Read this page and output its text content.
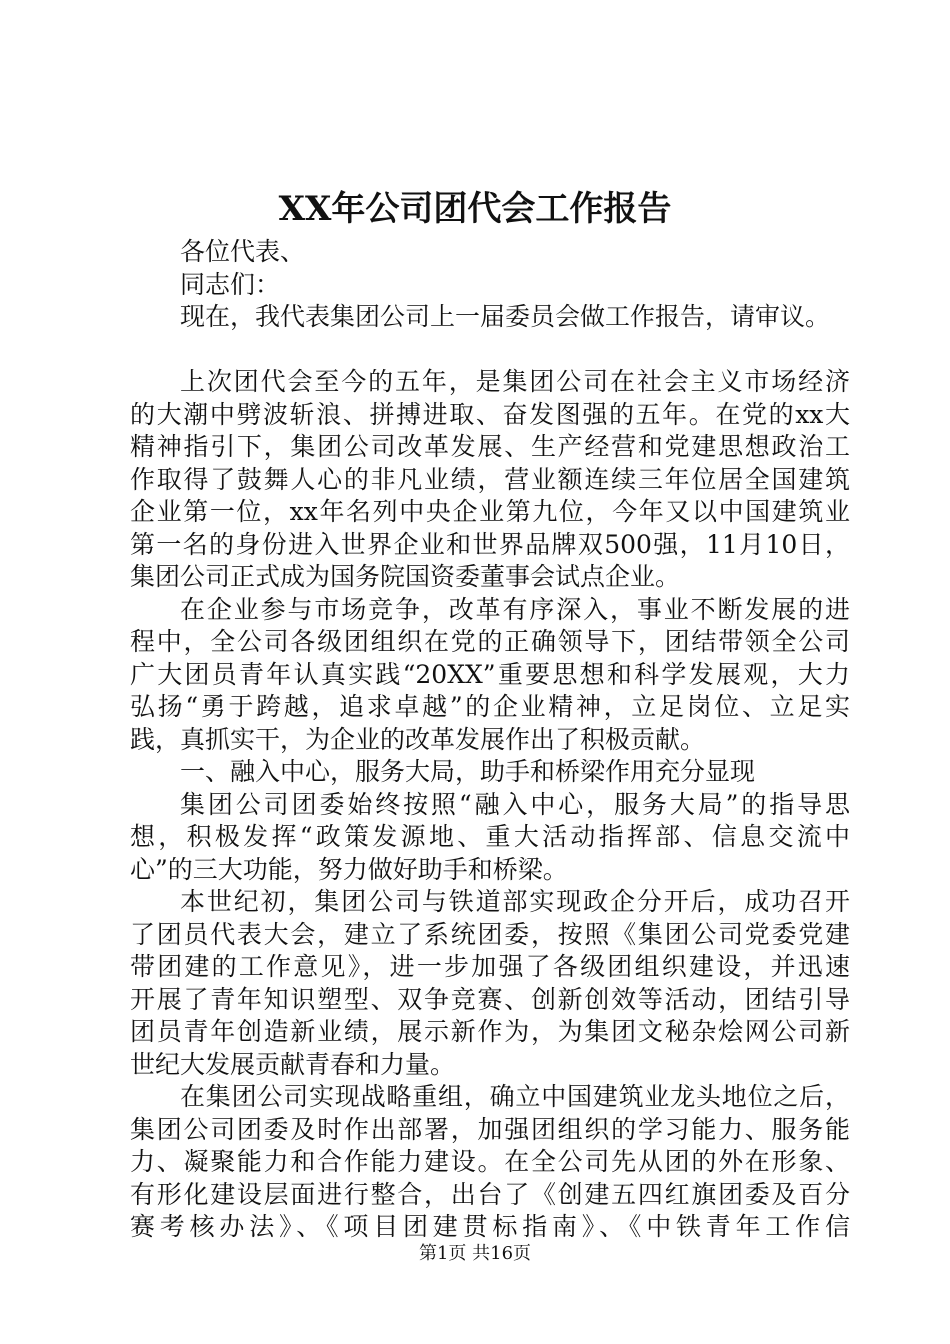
XX年公司团代会工作报告
各位代表、
同志们：
现在，我代表集团公司上一届委员会做工作报告，请审议。
上次团代会至今的五年，是集团公司在社会主义市场经济
的大潮中劈波斩浪、拼搏进取、奋发图强的五年。在党的xx大
精神指引下，集团公司改革发展、生产经营和党建思想政治工
作取得了鼓舞人心的非凡业绩，营业额连续三年位居全国建筑
企业第一位，xx年名列中央企业第九位，今年又以中国建筑业
第一名的身份进入世界企业和世界品牌双500强，11月10日，
集团公司正式成为国务院国资委董事会试点企业。
在企业参与市场竞争，改革有序深入，事业不断发展的进
程中，全公司各级团组织在党的正确领导下，团结带领全公司
广大团员青年认真实践“20XX”重要思想和科学发展观，大力
弘扬“勇于跨越，追求卓越”的企业精神，立足岗位、立足实
践，真抓实干，为企业的改革发展作出了积极贡献。
一、融入中心，服务大局，助手和桥梁作用充分显现
集团公司团委始终按照“融入中心，服务大局”的指导思
想，积极发挥“政策发源地、重大活动指挥部、信息交流中
心”的三大功能，努力做好助手和桥梁。
本世纪初，集团公司与铁道部实现政企分开后，成功召开
了团员代表大会，建立了系统团委，按照《集团公司党委党建
带团建的工作意见》，进一步加强了各级团组织建设，并迅速
开展了青年知识塑型、双争竞赛、创新创效等活动，团结引导
团员青年创造新业绩，展示新作为，为集团文秘杂烩网公司新
世纪大发展贡献青春和力量。
在集团公司实现战略重组，确立中国建筑业龙头地位之后，
集团公司团委及时作出部署，加强团组织的学习能力、服务能
力、凝聚能力和合作能力建设。在全公司先从团的外在形象、
有形化建设层面进行整合，出台了《创建五四红旗团委及百分
赛考核办法》、《项目团建贯标指南》、《中铁青年工作信
第1页 共16页
